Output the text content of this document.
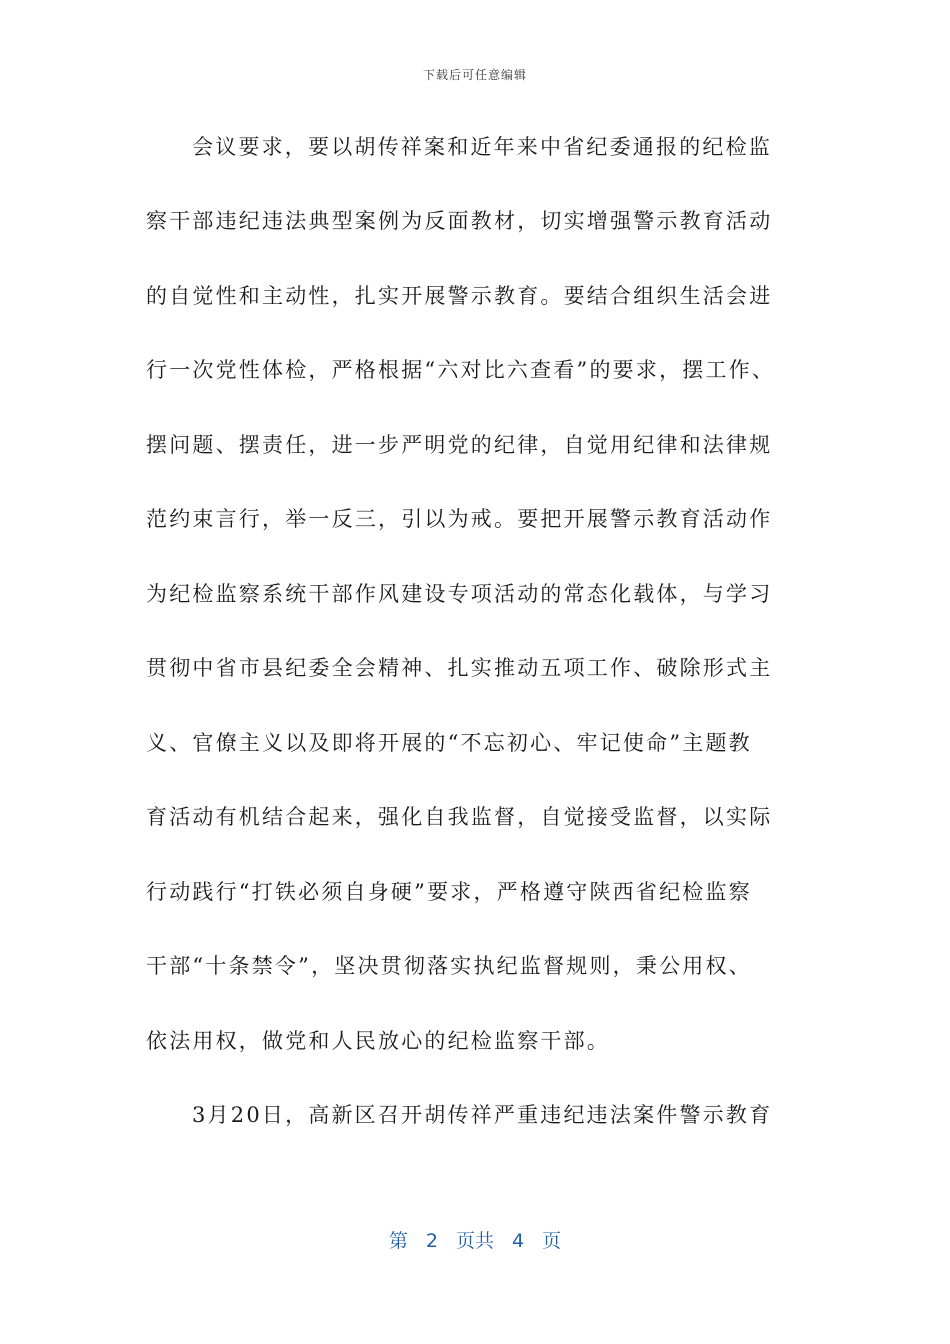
下载后可任意编辑
会议要求，要以胡传祥案和近年来中省纪委通报的纪检监
察干部违纪违法典型案例为反面教材，切实增强警示教育活动
的自觉性和主动性，扎实开展警示教育。要结合组织生活会进
行一次党性体检，严格根据“六对比六查看”的要求，摆工作、
摆问题、摆责任，进一步严明党的纪律，自觉用纪律和法律规
范约束言行，举一反三，引以为戒。要把开展警示教育活动作
为纪检监察系统干部作风建设专项活动的常态化载体，与学习
贯彻中省市县纪委全会精神、扎实推动五项工作、破除形式主
义、官僚主义以及即将开展的“不忘初心、牢记使命”主题教
育活动有机结合起来，强化自我监督，自觉接受监督，以实际
行动践行“打铁必须自身硬”要求，严格遵守陕西省纪检监察
干部“十条禁令”，坚决贯彻落实执纪监督规则，秉公用权、
依法用权，做党和人民放心的纪检监察干部。
3月20日，高新区召开胡传祥严重违纪违法案件警示教育
第 2 页共 4 页
